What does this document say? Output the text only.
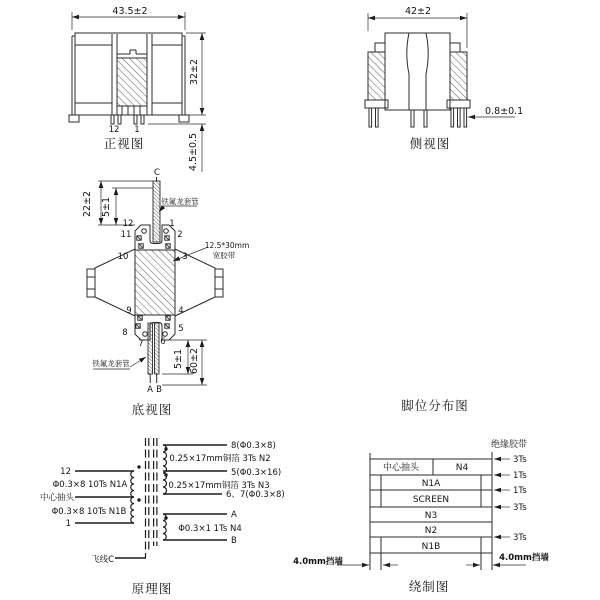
43.5±2
12 1
32±2
4.5±0.5
正视图
42±2
0.8±0.1
侧视图
C
22±2 5±1	铁氟龙套管
12.5*30mm
宽胶带
A B
铁氟龙套管	5±1 60±2
12	1
11	2
10	3
9	4
8	5
7 6
底视图	脚位分布图
12
Φ0.3×8 10Ts N1A
中心抽头
Φ0.3×8 10Ts N1B
1
飞线C
8(Φ0.3×8)
0.25×17mm铜箔 3Ts N2
5(Φ0.3×16)
0.25×17mm铜箔 3Ts N3
6、7(Φ0.3×8)
A
Φ0.3×1 1Ts N4
B
原理图
中心抽头	N4
N1A
SCREEN
N3
N2
N1B
绝缘胶带
3Ts
1Ts
1Ts
3Ts
3Ts
4.0mm挡墙	4.0mm挡墙
绕制图
